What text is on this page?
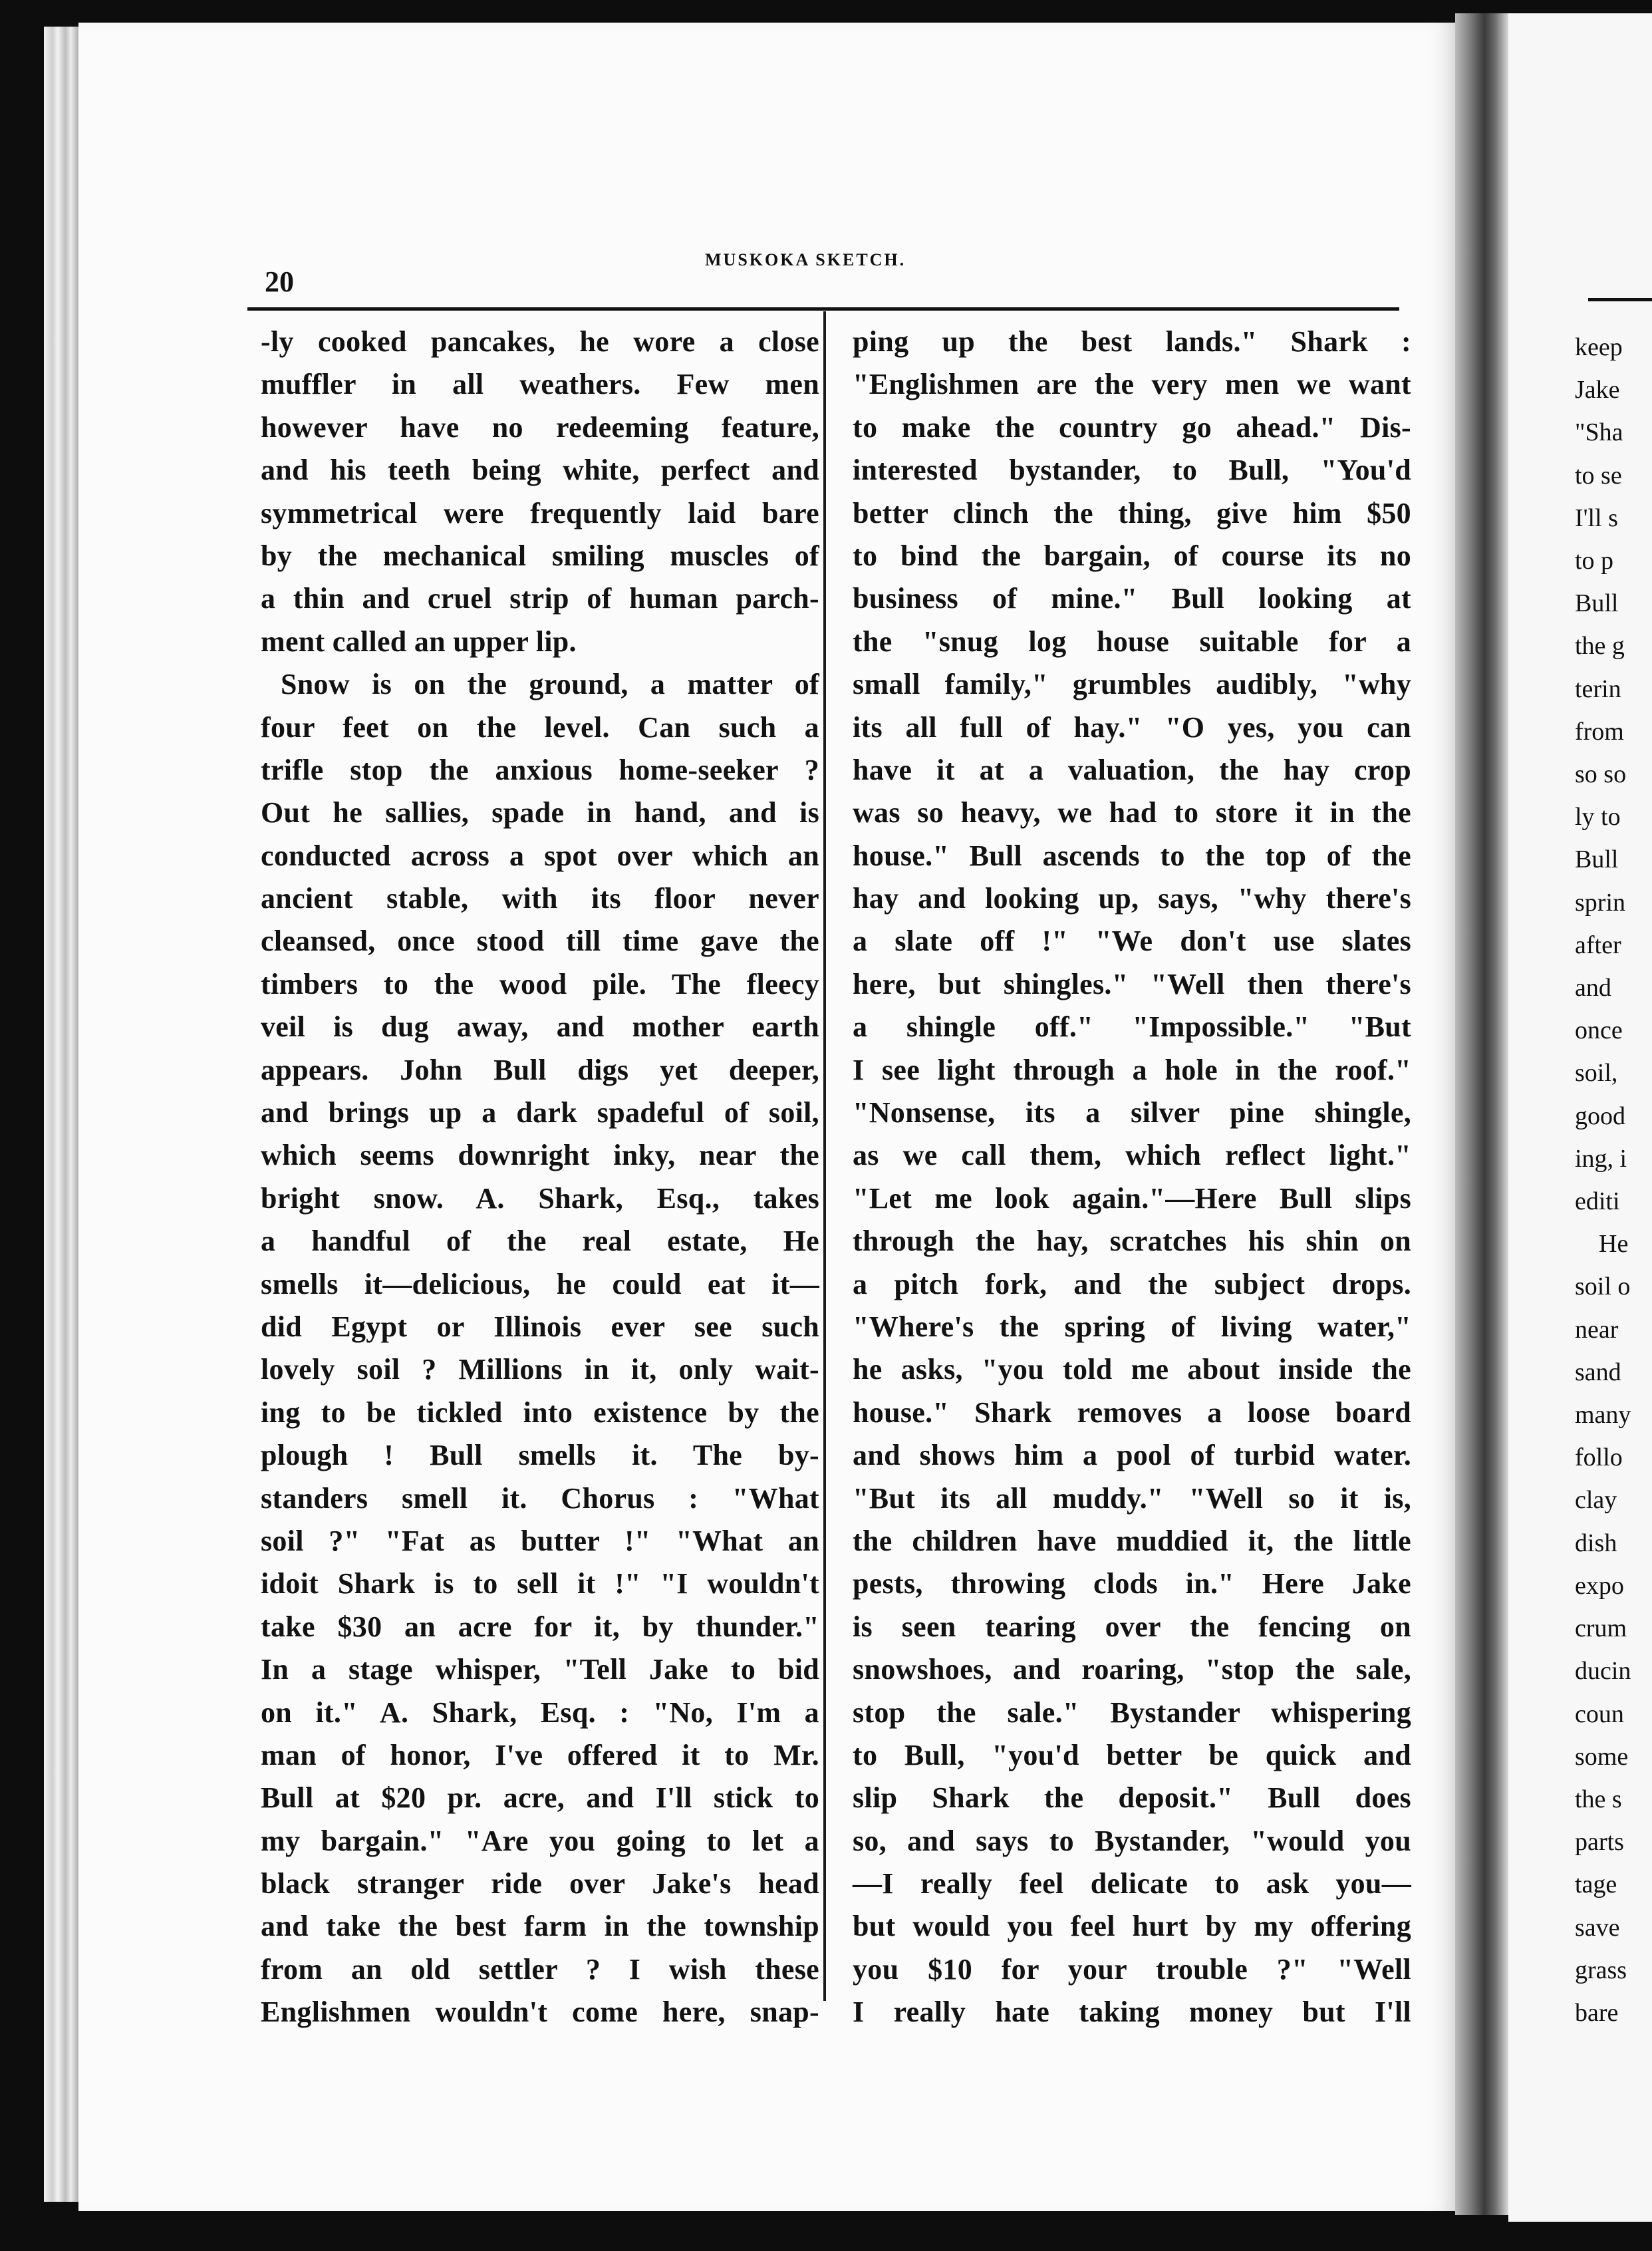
keep
Jake
"Sha
to se
I'll s
to p
Bull
the g
terin
from
so so
ly to
Bull
sprin
after
and
once
soil,
good
ing, i
editi
He
soil o
near
sand
many
follo
clay
dish
expo
crum
ducin
coun
some
the s
parts
tage
save
grass
bare
20
MUSKOKA SKETCH.
-ly cooked pancakes, he wore a close
muffler in all weathers. Few men
however have no redeeming feature,
and his teeth being white, perfect and
symmetrical were frequently laid bare
by the mechanical smiling muscles of
a thin and cruel strip of human parch-
ment called an upper lip.
Snow is on the ground, a matter of
four feet on the level. Can such a
trifle stop the anxious home-seeker ?
Out he sallies, spade in hand, and is
conducted across a spot over which an
ancient stable, with its floor never
cleansed, once stood till time gave the
timbers to the wood pile. The fleecy
veil is dug away, and mother earth
appears. John Bull digs yet deeper,
and brings up a dark spadeful of soil,
which seems downright inky, near the
bright snow. A. Shark, Esq., takes
a handful of the real estate, He
smells it—delicious, he could eat it—
did Egypt or Illinois ever see such
lovely soil ? Millions in it, only wait-
ing to be tickled into existence by the
plough ! Bull smells it. The by-
standers smell it. Chorus : "What
soil ?" "Fat as butter !" "What an
idoit Shark is to sell it !" "I wouldn't
take $30 an acre for it, by thunder."
In a stage whisper, "Tell Jake to bid
on it." A. Shark, Esq. : "No, I'm a
man of honor, I've offered it to Mr.
Bull at $20 pr. acre, and I'll stick to
my bargain." "Are you going to let a
black stranger ride over Jake's head
and take the best farm in the township
from an old settler ? I wish these
Englishmen wouldn't come here, snap-
ping up the best lands." Shark :
"Englishmen are the very men we want
to make the country go ahead." Dis-
interested bystander, to Bull, "You'd
better clinch the thing, give him $50
to bind the bargain, of course its no
business of mine." Bull looking at
the "snug log house suitable for a
small family," grumbles audibly, "why
its all full of hay." "O yes, you can
have it at a valuation, the hay crop
was so heavy, we had to store it in the
house." Bull ascends to the top of the
hay and looking up, says, "why there's
a slate off !" "We don't use slates
here, but shingles." "Well then there's
a shingle off." "Impossible." "But
I see light through a hole in the roof."
"Nonsense, its a silver pine shingle,
as we call them, which reflect light."
"Let me look again."—Here Bull slips
through the hay, scratches his shin on
a pitch fork, and the subject drops.
"Where's the spring of living water,"
he asks, "you told me about inside the
house." Shark removes a loose board
and shows him a pool of turbid water.
"But its all muddy." "Well so it is,
the children have muddied it, the little
pests, throwing clods in." Here Jake
is seen tearing over the fencing on
snowshoes, and roaring, "stop the sale,
stop the sale." Bystander whispering
to Bull, "you'd better be quick and
slip Shark the deposit." Bull does
so, and says to Bystander, "would you
—I really feel delicate to ask you—
but would you feel hurt by my offering
you $10 for your trouble ?" "Well
I really hate taking money but I'll
